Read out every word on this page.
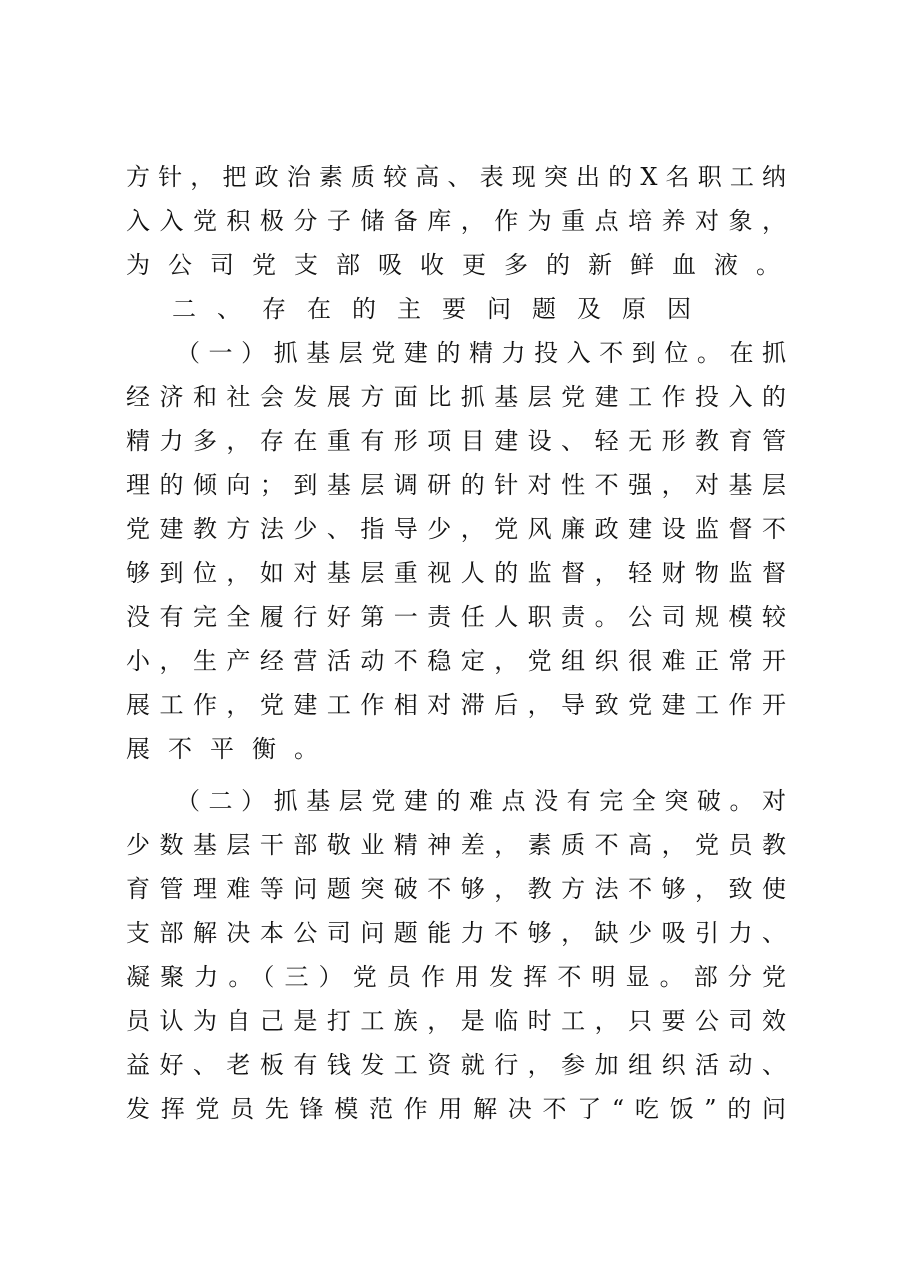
方针，把政治素质较高、表现突出的X名职工纳
入入党积极分子储备库，作为重点培养对象，
为公司党支部吸收更多的新鲜血液。
二、存在的主要问题及原因
（一）抓基层党建的精力投入不到位。在抓
经济和社会发展方面比抓基层党建工作投入的
精力多，存在重有形项目建设、轻无形教育管
理的倾向；到基层调研的针对性不强，对基层
党建教方法少、指导少，党风廉政建设监督不
够到位，如对基层重视人的监督，轻财物监督
没有完全履行好第一责任人职责。公司规模较
小，生产经营活动不稳定，党组织很难正常开
展工作，党建工作相对滞后，导致党建工作开
展不平衡。
（二）抓基层党建的难点没有完全突破。对
少数基层干部敬业精神差，素质不高，党员教
育管理难等问题突破不够，教方法不够，致使
支部解决本公司问题能力不够，缺少吸引力、
凝聚力。（三）党员作用发挥不明显。部分党
员认为自己是打工族，是临时工，只要公司效
益好、老板有钱发工资就行，参加组织活动、
发挥党员先锋模范作用解决不了“吃饭”的问
